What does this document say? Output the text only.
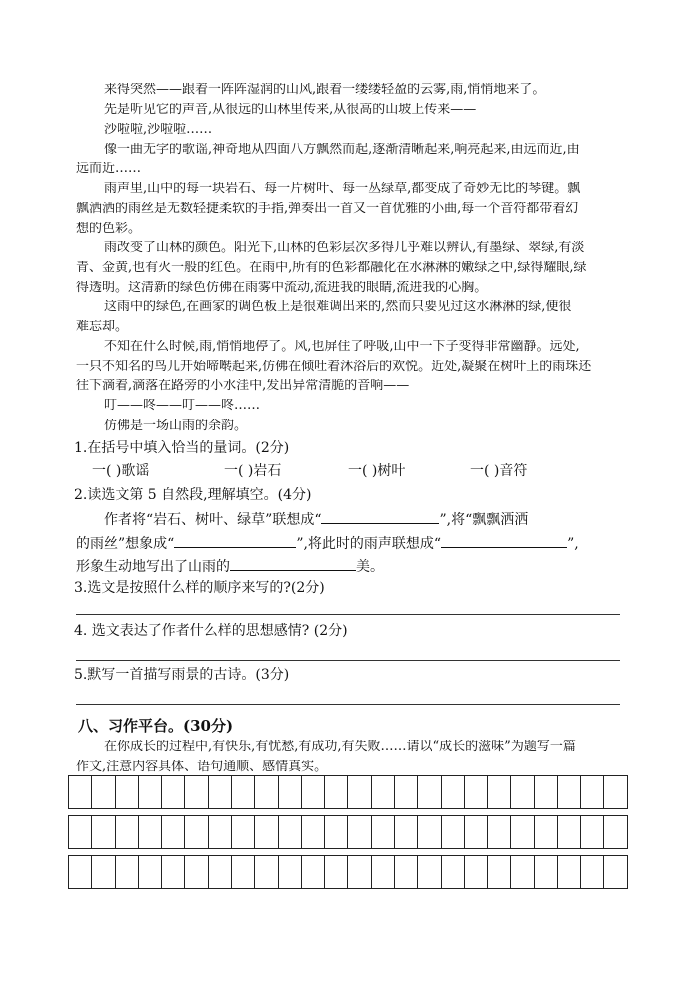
来得突然——跟着一阵阵湿润的山风,跟着一缕缕轻盈的云雾,雨,悄悄地来了。
先是听见它的声音,从很远的山林里传来,从很高的山坡上传来——
沙啦啦,沙啦啦……
像一曲无字的歌谣,神奇地从四面八方飘然而起,逐渐清晰起来,响亮起来,由远而近,由
远而近……
雨声里,山中的每一块岩石、每一片树叶、每一丛绿草,都变成了奇妙无比的琴键。飘
飘洒洒的雨丝是无数轻捷柔软的手指,弹奏出一首又一首优雅的小曲,每一个音符都带着幻
想的色彩。
雨改变了山林的颜色。阳光下,山林的色彩层次多得几乎难以辨认,有墨绿、翠绿,有淡
青、金黄,也有火一般的红色。在雨中,所有的色彩都融化在水淋淋的嫩绿之中,绿得耀眼,绿
得透明。这清新的绿色仿佛在雨雾中流动,流进我的眼睛,流进我的心胸。
这雨中的绿色,在画家的调色板上是很难调出来的,然而只要见过这水淋淋的绿,便很
难忘却。
不知在什么时候,雨,悄悄地停了。风,也屏住了呼吸,山中一下子变得非常幽静。远处,
一只不知名的鸟儿开始啼啭起来,仿佛在倾吐着沐浴后的欢悦。近处,凝聚在树叶上的雨珠还
往下滴着,滴落在路旁的小水洼中,发出异常清脆的音响——
叮——咚——叮——咚……
仿佛是一场山雨的余韵。
1.在括号中填入恰当的量词。(2分)
一( )歌谣	一( )岩石	一( )树叶	一( )音符
2.读选文第 5 自然段,理解填空。(4分)
作者将“岩石、树叶、绿草”联想成“	”,将“飘飘洒洒
的雨丝”想象成“	”,将此时的雨声联想成“	”,
形象生动地写出了山雨的	美。
3.选文是按照什么样的顺序来写的?(2分)
4. 选文表达了作者什么样的思想感情? (2分)
5.默写一首描写雨景的古诗。(3分)
八、习作平台。(30分)
在你成长的过程中,有快乐,有忧愁,有成功,有失败……请以“成长的滋味”为题写一篇
作文,注意内容具体、语句通顺、感情真实。
